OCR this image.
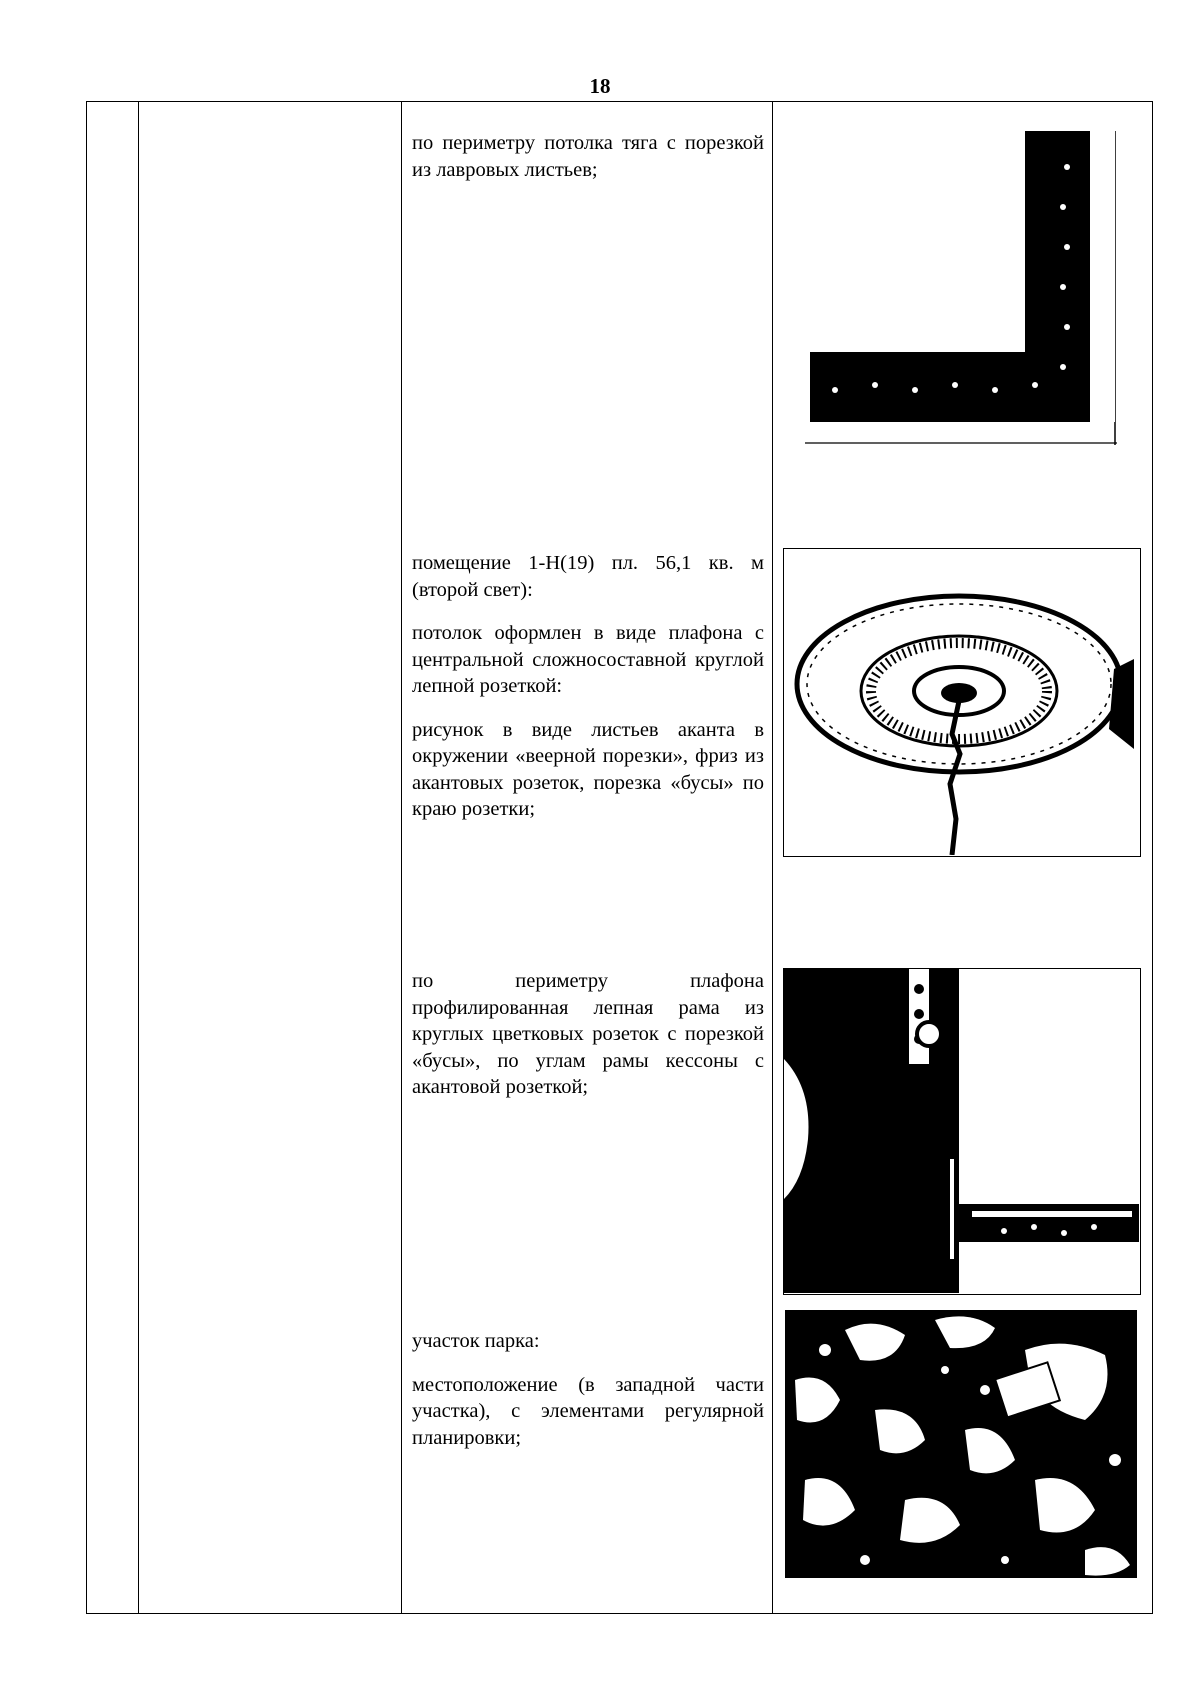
18

по периметру потолка тяга с порезкой из лавровых листьев;

помещение 1-Н(19) пл. 56,1 кв. м (второй свет):

потолок оформлен в виде плафона с центральной сложносоставной круглой лепной розеткой:

рисунок в виде листьев аканта в окружении «веерной порезки», фриз из акантовых розеток, порезка «бусы» по краю розетки;

по периметру плафона профилированная лепная рама из круглых цветковых розеток с порезкой «бусы», по углам рамы кессоны с акантовой розеткой;

участок парка:

местоположение (в западной части участка), с элементами регулярной планировки;
